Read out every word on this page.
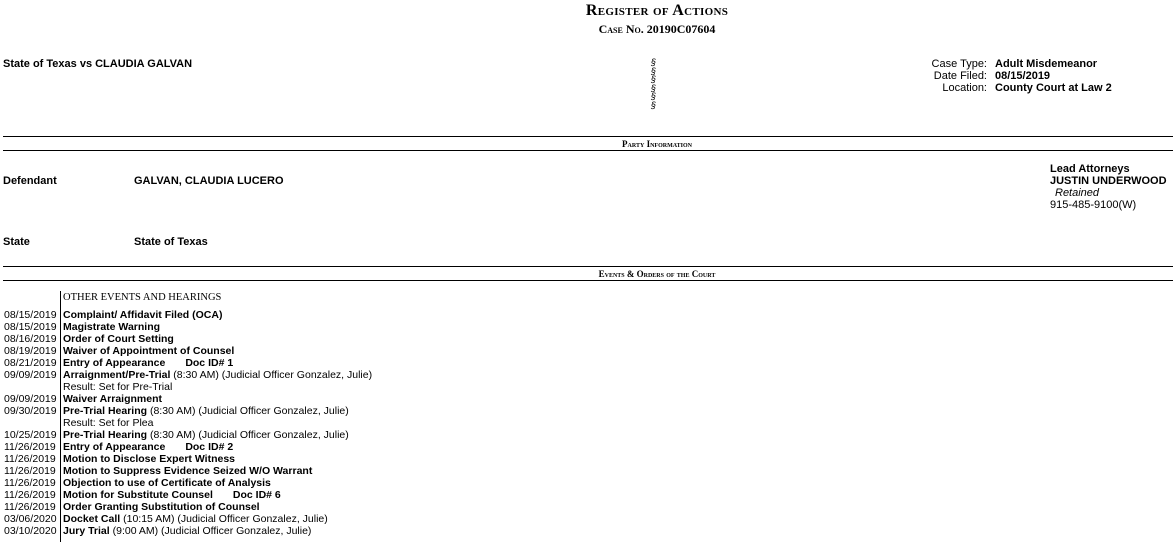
Register of Actions
Case No. 20190C07604
State of Texas vs CLAUDIA GALVAN	§§§§§§
Case Type: Adult Misdemeanor
Date Filed: 08/15/2019
Location: County Court at Law 2
Party Information
Defendant	GALVAN, CLAUDIA LUCERO
Lead Attorneys
JUSTIN UNDERWOOD
Retained
915-485-9100(W)
State	State of Texas
Events & Orders of the Court
OTHER EVENTS AND HEARINGS
08/15/2019 Complaint/ Affidavit Filed (OCA)
08/15/2019 Magistrate Warning
08/16/2019 Order of Court Setting
08/19/2019 Waiver of Appointment of Counsel
08/21/2019 Entry of Appearance Doc ID# 1
09/09/2019 Arraignment/Pre-Trial (8:30 AM) (Judicial Officer Gonzalez, Julie)
Result: Set for Pre-Trial
09/09/2019 Waiver Arraignment
09/30/2019 Pre-Trial Hearing (8:30 AM) (Judicial Officer Gonzalez, Julie)
Result: Set for Plea
10/25/2019 Pre-Trial Hearing (8:30 AM) (Judicial Officer Gonzalez, Julie)
11/26/2019 Entry of Appearance Doc ID# 2
11/26/2019 Motion to Disclose Expert Witness
11/26/2019 Motion to Suppress Evidence Seized W/O Warrant
11/26/2019 Objection to use of Certificate of Analysis
11/26/2019 Motion for Substitute Counsel Doc ID# 6
11/26/2019 Order Granting Substitution of Counsel
03/06/2020 Docket Call (10:15 AM) (Judicial Officer Gonzalez, Julie)
03/10/2020 Jury Trial (9:00 AM) (Judicial Officer Gonzalez, Julie)
